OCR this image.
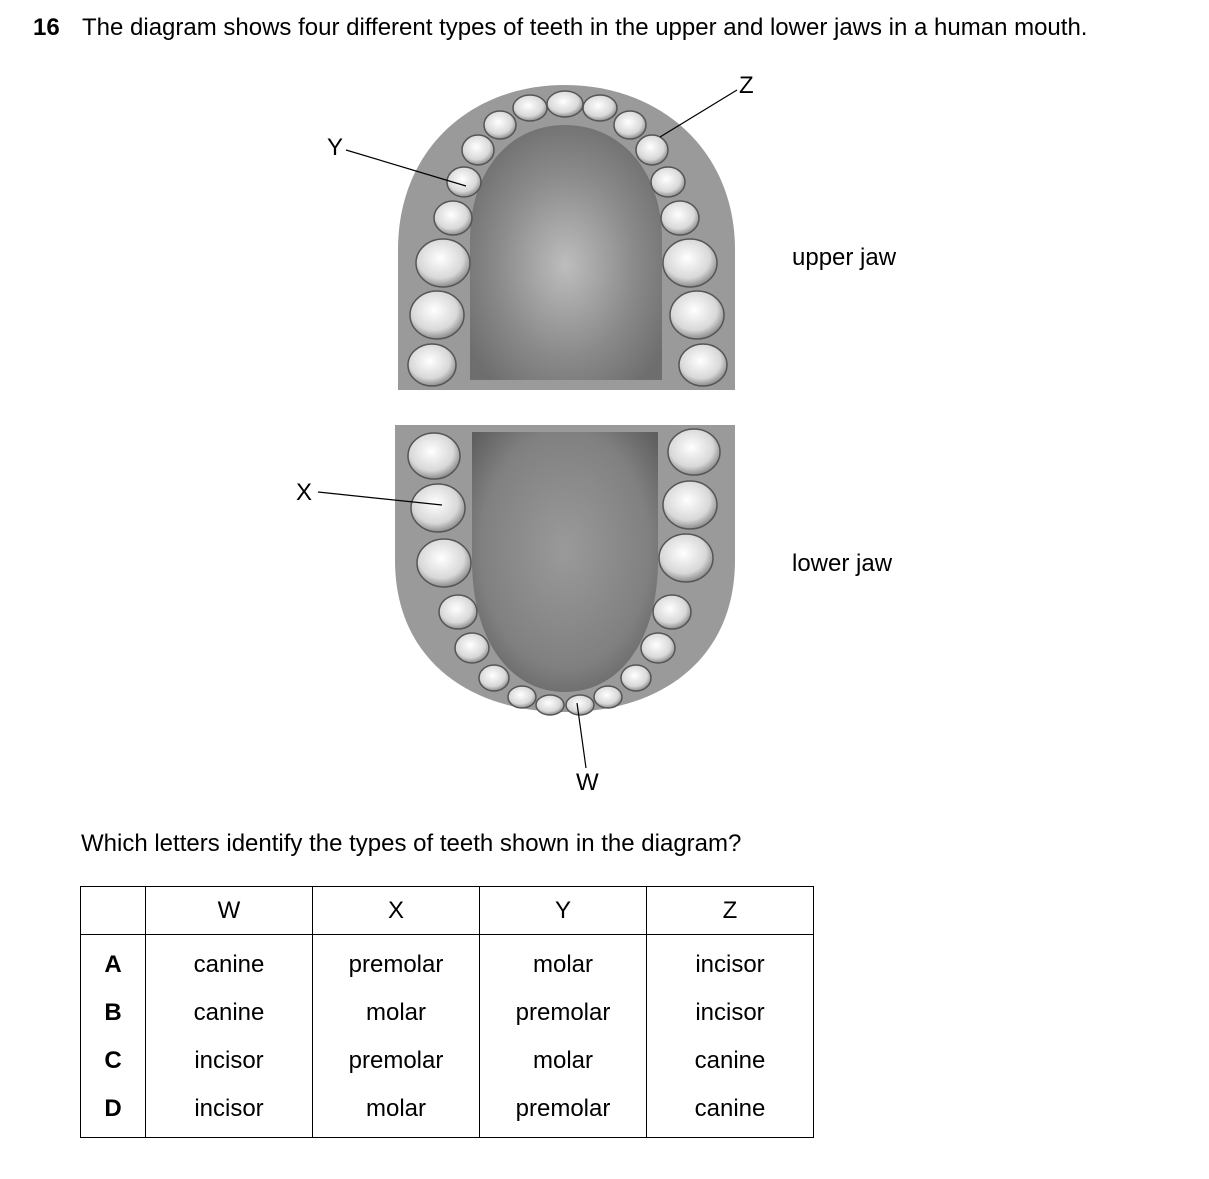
16 The diagram shows four different types of teeth in the upper and lower jaws in a human mouth.
Y
Z
X
W
upper jaw
lower jaw
Which letters identify the types of teeth shown in the diagram?
	W	X	Y	Z
A	canine	premolar	molar	incisor
B	canine	molar	premolar	incisor
C	incisor	premolar	molar	canine
D	incisor	molar	premolar	canine
